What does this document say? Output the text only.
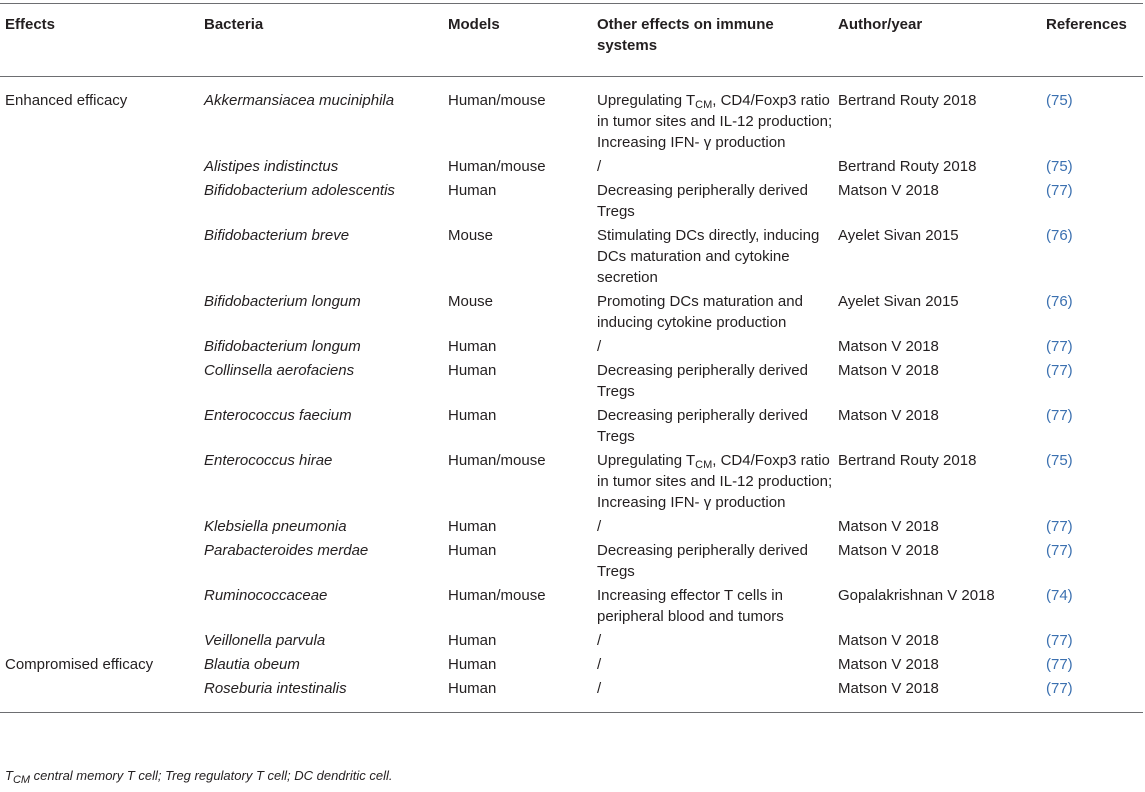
Effects	Bacteria	Models	Other effects on immune systems	Author/year	References
Enhanced efficacy	Akkermansiacea muciniphila	Human/mouse	Upregulating $T_{CM}$, CD4/Foxp3 ratio in tumor sites and IL-12 production; Increasing IFN- γ production	Bertrand Routy 2018	(75)
	Alistipes indistinctus	Human/mouse	/	Bertrand Routy 2018	(75)
	Bifidobacterium adolescentis	Human	Decreasing peripherally derived Tregs	Matson V 2018	(77)
	Bifidobacterium breve	Mouse	Stimulating DCs directly, inducing DCs maturation and cytokine secretion	Ayelet Sivan 2015	(76)
	Bifidobacterium longum	Mouse	Promoting DCs maturation and inducing cytokine production	Ayelet Sivan 2015	(76)
	Bifidobacterium longum	Human	/	Matson V 2018	(77)
	Collinsella aerofaciens	Human	Decreasing peripherally derived Tregs	Matson V 2018	(77)
	Enterococcus faecium	Human	Decreasing peripherally derived Tregs	Matson V 2018	(77)
	Enterococcus hirae	Human/mouse	Upregulating $T_{CM}$, CD4/Foxp3 ratio in tumor sites and IL-12 production; Increasing IFN- γ production	Bertrand Routy 2018	(75)
	Klebsiella pneumonia	Human	/	Matson V 2018	(77)
	Parabacteroides merdae	Human	Decreasing peripherally derived Tregs	Matson V 2018	(77)
	Ruminococcaceae	Human/mouse	Increasing effector T cells in peripheral blood and tumors	Gopalakrishnan V 2018	(74)
	Veillonella parvula	Human	/	Matson V 2018	(77)
Compromised efficacy	Blautia obeum	Human	/	Matson V 2018	(77)
	Roseburia intestinalis	Human	/	Matson V 2018	(77)
$T_{CM}$ central memory T cell; Treg regulatory T cell; DC dendritic cell.
